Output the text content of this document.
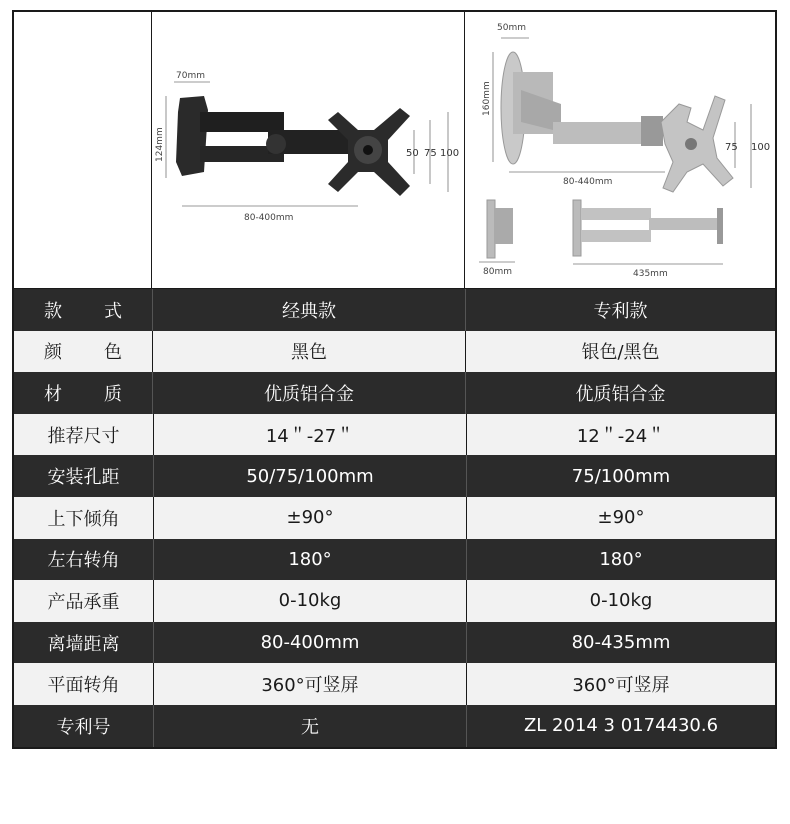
70mm
124mm	50 75 100
80-400mm
50mm
160mm
75 100
80-440mm
80mm	435mm
款 式	经典款	专利款
颜 色	黑色	银色/黑色
材 质	优质铝合金	优质铝合金
推荐尺寸	14＂-27＂	12＂-24＂
安装孔距	50/75/100mm	75/100mm
上下倾角	±90°	±90°
左右转角	180°	180°
产品承重	0-10kg	0-10kg
离墙距离	80-400mm	80-435mm
平面转角	360°可竖屏	360°可竖屏
专利号	无	ZL 2014 3 0174430.6
